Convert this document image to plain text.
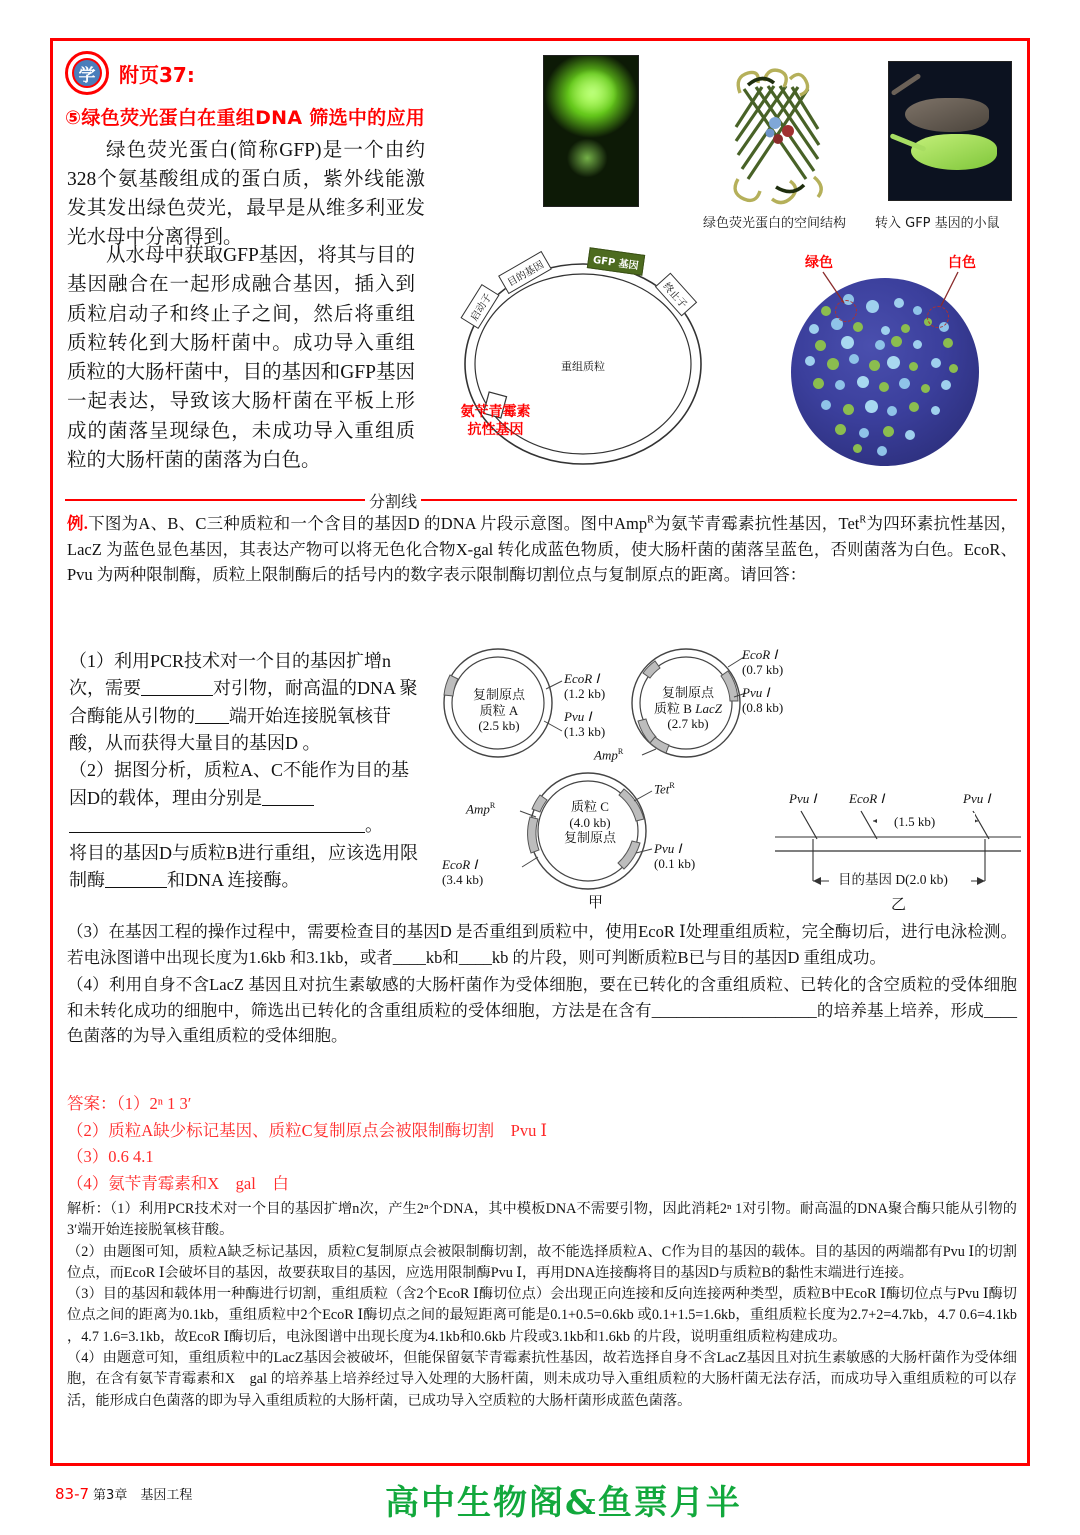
学	附页37:
⑤绿色荧光蛋白在重组DNA 筛选中的应用

绿色荧光蛋白(简称GFP)是一个由约328个氨基酸组成的蛋白质，紫外线能激发其发出绿色荧光，最早是从维多利亚发光水母中分离得到。

从水母中获取GFP基因，将其与目的基因融合在一起形成融合基因，插入到质粒启动子和终止子之间，然后将重组质粒转化到大肠杆菌中。成功导入重组质粒的大肠杆菌中，目的基因和GFP基因一起表达，导致该大肠杆菌在平板上形成的菌落呈现绿色，未成功导入重组质粒的大肠杆菌的菌落为白色。

绿色荧光蛋白的空间结构 转入 GFP 基因的小鼠
启动子
目的基因	GFP 基因
终止子
重组质粒
氨苄青霉素
抗性基因
绿色	白色
分割线
例.下图为A、B、C三种质粒和一个含目的基因D 的DNA 片段示意图。图中Amp$^R$为氨苄青霉素抗性基因，Tet$^R$为四环素抗性基因，LacZ 为蓝色显色基因，其表达产物可以将无色化合物X-gal 转化成蓝色物质，使大肠杆菌的菌落呈蓝色，否则菌落为白色。EcoR、Pvu 为两种限制酶，质粒上限制酶后的括号内的数字表示限制酶切割位点与复制原点的距离。请回答：

（1）利用PCR技术对一个目的基因扩增n次，需要	对引物，耐高温的DNA 聚

合酶能从引物的 端开始连接脱氧核苷酸，从而获得大量目的基因D 。

（2）据图分析，质粒A、C不能作为目的基因D的载体，理由分别是

。

将目的基因D与质粒B进行重组，应该选用限制酶	和DNA 连接酶。

复制原点
质粒 A
(2.5 kb)
EcoR Ⅰ
(1.2 kb)
Pvu Ⅰ
(1.3 kb)
复制原点
质粒 B LacZ
(2.7 kb)
EcoR Ⅰ
(0.7 kb)
Pvu Ⅰ
(0.8 kb)
Amp$^R$
质粒 C
(4.0 kb)
复制原点
Tet$^R$
Amp$^R$
EcoR Ⅰ
(3.4 kb)
Pvu Ⅰ
(0.1 kb)
甲
Pvu Ⅰ	EcoR Ⅰ	Pvu Ⅰ
(1.5 kb)
目的基因 D(2.0 kb)
乙

（3）在基因工程的操作过程中，需要检查目的基因D 是否重组到质粒中，使用EcoR Ⅰ处理重组质粒，完全酶切后，进行电泳检测。若电泳图谱中出现长度为1.6kb 和3.1kb，或者____kb和____kb 的片段，则可判断质粒B已与目的基因D 重组成功。

（4）利用自身不含LacZ 基因且对抗生素敏感的大肠杆菌作为受体细胞，要在已转化的含重组质粒、已转化的含空质粒的受体细胞和未转化成功的细胞中，筛选出已转化的含重组质粒的受体细胞，方法是在含有____________________的培养基上培养，形成____色菌落的为导入重组质粒的受体细胞。

答案：（1）2ⁿ 1 3′

（2）质粒A缺少标记基因、质粒C复制原点会被限制酶切割　Pvu Ⅰ

（3）0.6 4.1

（4）氨苄青霉素和X　gal　白

解析：（1）利用PCR技术对一个目的基因扩增n次，产生2ⁿ个DNA，其中模板DNA不需要引物，因此消耗2ⁿ 1对引物。耐高温的DNA聚合酶只能从引物的3′端开始连接脱氧核苷酸。

（2）由题图可知，质粒A缺乏标记基因，质粒C复制原点会被限制酶切割，故不能选择质粒A、C作为目的基因的载体。目的基因的两端都有Pvu Ⅰ的切割位点，而EcoR Ⅰ会破坏目的基因，故要获取目的基因，应选用限制酶Pvu Ⅰ，再用DNA连接酶将目的基因D与质粒B的黏性末端进行连接。

（3）目的基因和载体用一种酶进行切割，重组质粒（含2个EcoR Ⅰ酶切位点）会出现正向连接和反向连接两种类型，质粒B中EcoR Ⅰ酶切位点与Pvu Ⅰ酶切位点之间的距离为0.1kb，重组质粒中2个EcoR Ⅰ酶切点之间的最短距离可能是0.1+0.5=0.6kb 或0.1+1.5=1.6kb，重组质粒长度为2.7+2=4.7kb，4.7 0.6=4.1kb ，4.7 1.6=3.1kb，故EcoR Ⅰ酶切后，电泳图谱中出现长度为4.1kb和0.6kb 片段或3.1kb和1.6kb 的片段，说明重组质粒构建成功。

（4）由题意可知，重组质粒中的LacZ基因会被破坏，但能保留氨苄青霉素抗性基因，故若选择自身不含LacZ基因且对抗生素敏感的大肠杆菌作为受体细胞，在含有氨苄青霉素和X　gal 的培养基上培养经过导入处理的大肠杆菌，则未成功导入重组质粒的大肠杆菌无法存活，而成功导入重组质粒的可以存活，能形成白色菌落的即为导入重组质粒的大肠杆菌，已成功导入空质粒的大肠杆菌形成蓝色菌落。

83-7 第3章　基因工程	高中生物阁&鱼票月半
